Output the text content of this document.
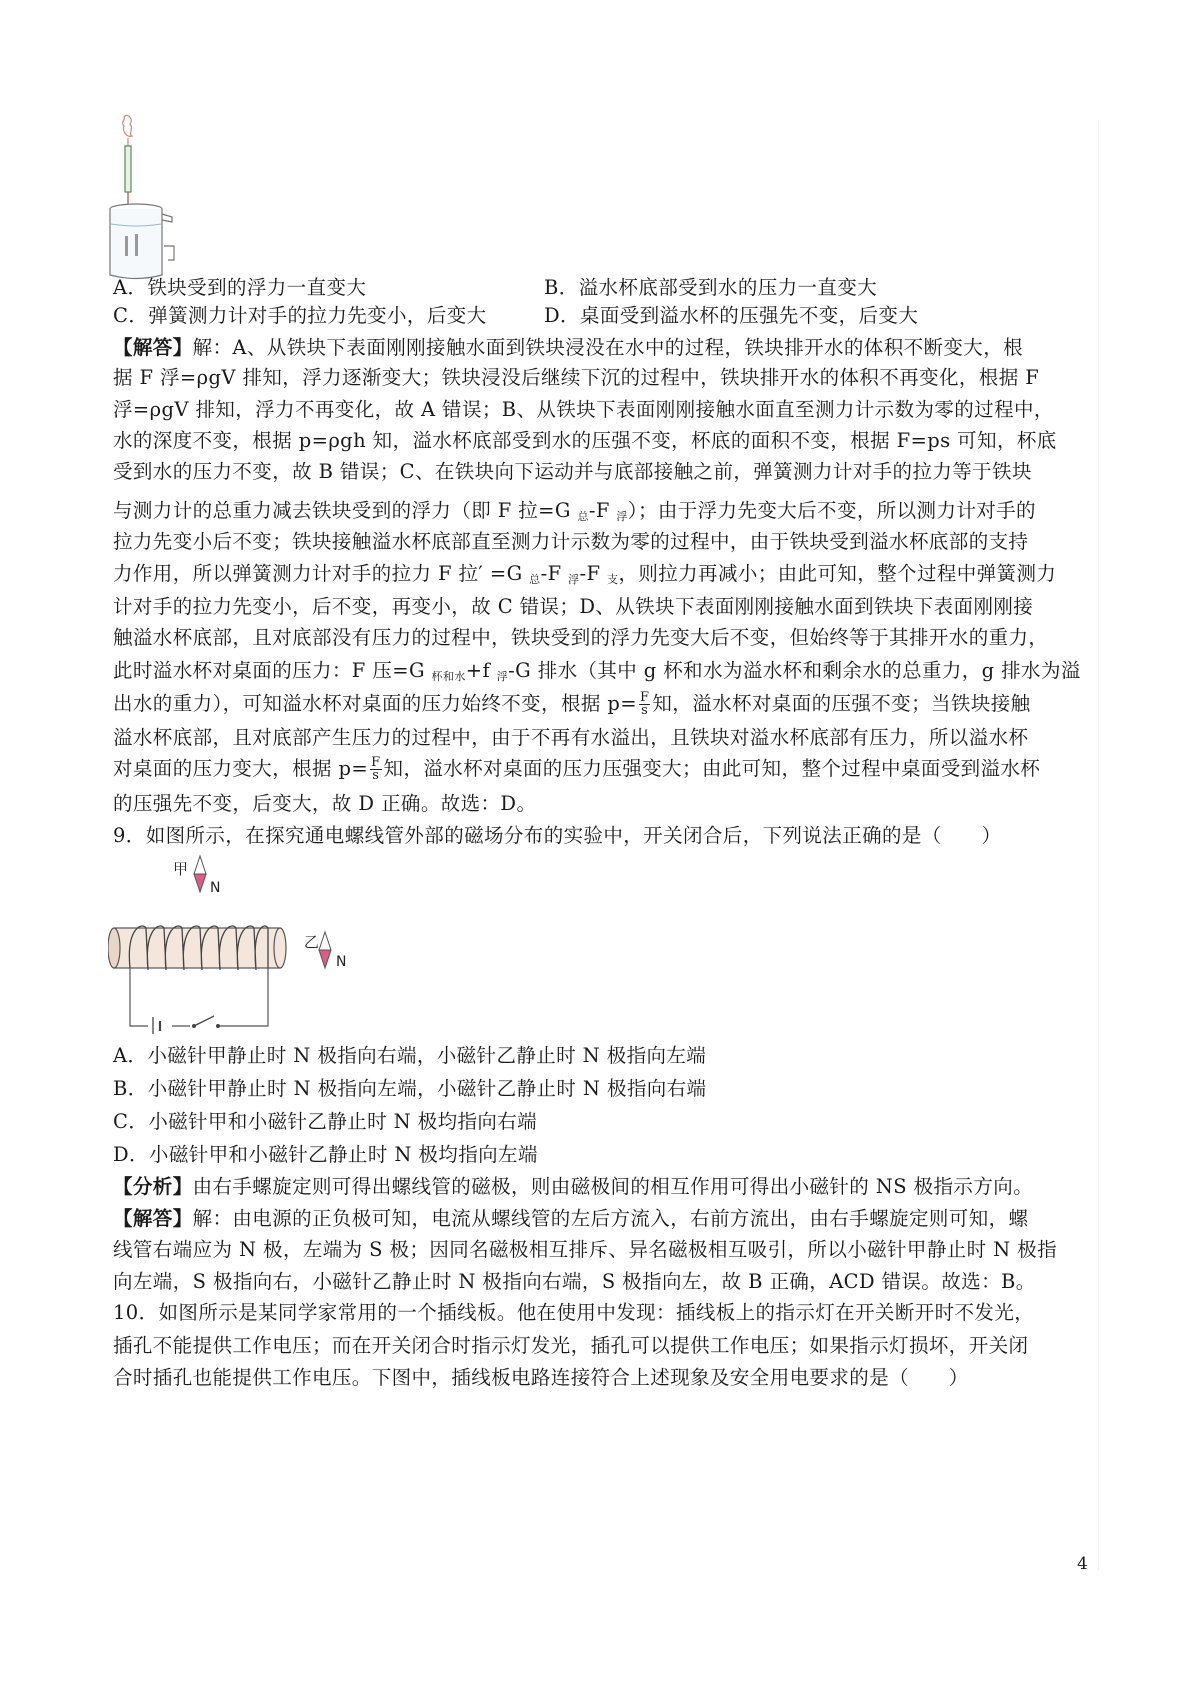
A．铁块受到的浮力一直变大	B．溢水杯底部受到水的压力一直变大
C．弹簧测力计对手的拉力先变小，后变大	D．桌面受到溢水杯的压强先不变，后变大
【解答】解：A、从铁块下表面刚刚接触水面到铁块浸没在水中的过程，铁块排开水的体积不断变大，根
据 F 浮=ρgV 排知，浮力逐渐变大；铁块浸没后继续下沉的过程中，铁块排开水的体积不再变化，根据 F
浮=ρgV 排知，浮力不再变化，故 A 错误；B、从铁块下表面刚刚接触水面直至测力计示数为零的过程中，
水的深度不变，根据 p=ρgh 知，溢水杯底部受到水的压强不变，杯底的面积不变，根据 F=ps 可知，杯底
受到水的压力不变，故 B 错误；C、在铁块向下运动并与底部接触之前，弹簧测力计对手的拉力等于铁块
与测力计的总重力减去铁块受到的浮力（即 F 拉=G $_总$-F $_浮$）；由于浮力先变大后不变，所以测力计对手的
拉力先变小后不变；铁块接触溢水杯底部直至测力计示数为零的过程中，由于铁块受到溢水杯底部的支持
力作用，所以弹簧测力计对手的拉力 F 拉′ =G $_总$-F $_浮$-F $_支$，则拉力再减小；由此可知，整个过程中弹簧测力
计对手的拉力先变小，后不变，再变小，故 C 错误；D、从铁块下表面刚刚接触水面到铁块下表面刚刚接
触溢水杯底部，且对底部没有压力的过程中，铁块受到的浮力先变大后不变，但始终等于其排开水的重力，
此时溢水杯对桌面的压力：F 压=G $_{杯和水}$+f $_浮$-G 排水（其中 g 杯和水为溢水杯和剩余水的总重力，g 排水为溢
出水的重力），可知溢水杯对桌面的压力始终不变，根据 $p= \frac{F}{s}$ 知，溢水杯对桌面的压强不变；当铁块接触
溢水杯底部，且对底部产生压力的过程中，由于不再有水溢出，且铁块对溢水杯底部有压力，所以溢水杯
对桌面的压力变大，根据 $p= \frac{F}{s}$ 知，溢水杯对桌面的压力压强变大；由此可知，整个过程中桌面受到溢水杯
的压强先不变，后变大，故 D 正确。故选：D。
9．如图所示，在探究通电螺线管外部的磁场分布的实验中，开关闭合后，下列说法正确的是（　　）
甲
N
乙
N
A．小磁针甲静止时 N 极指向右端，小磁针乙静止时 N 极指向左端
B．小磁针甲静止时 N 极指向左端，小磁针乙静止时 N 极指向右端
C．小磁针甲和小磁针乙静止时 N 极均指向右端
D．小磁针甲和小磁针乙静止时 N 极均指向左端
【分析】由右手螺旋定则可得出螺线管的磁极，则由磁极间的相互作用可得出小磁针的 NS 极指示方向。
【解答】解：由电源的正负极可知，电流从螺线管的左后方流入，右前方流出，由右手螺旋定则可知，螺
线管右端应为 N 极，左端为 S 极；因同名磁极相互排斥、异名磁极相互吸引，所以小磁针甲静止时 N 极指
向左端，S 极指向右，小磁针乙静止时 N 极指向右端，S 极指向左，故 B 正确，ACD 错误。故选：B。
10．如图所示是某同学家常用的一个插线板。他在使用中发现：插线板上的指示灯在开关断开时不发光，
插孔不能提供工作电压；而在开关闭合时指示灯发光，插孔可以提供工作电压；如果指示灯损坏，开关闭
合时插孔也能提供工作电压。下图中，插线板电路连接符合上述现象及安全用电要求的是（　　）
4
